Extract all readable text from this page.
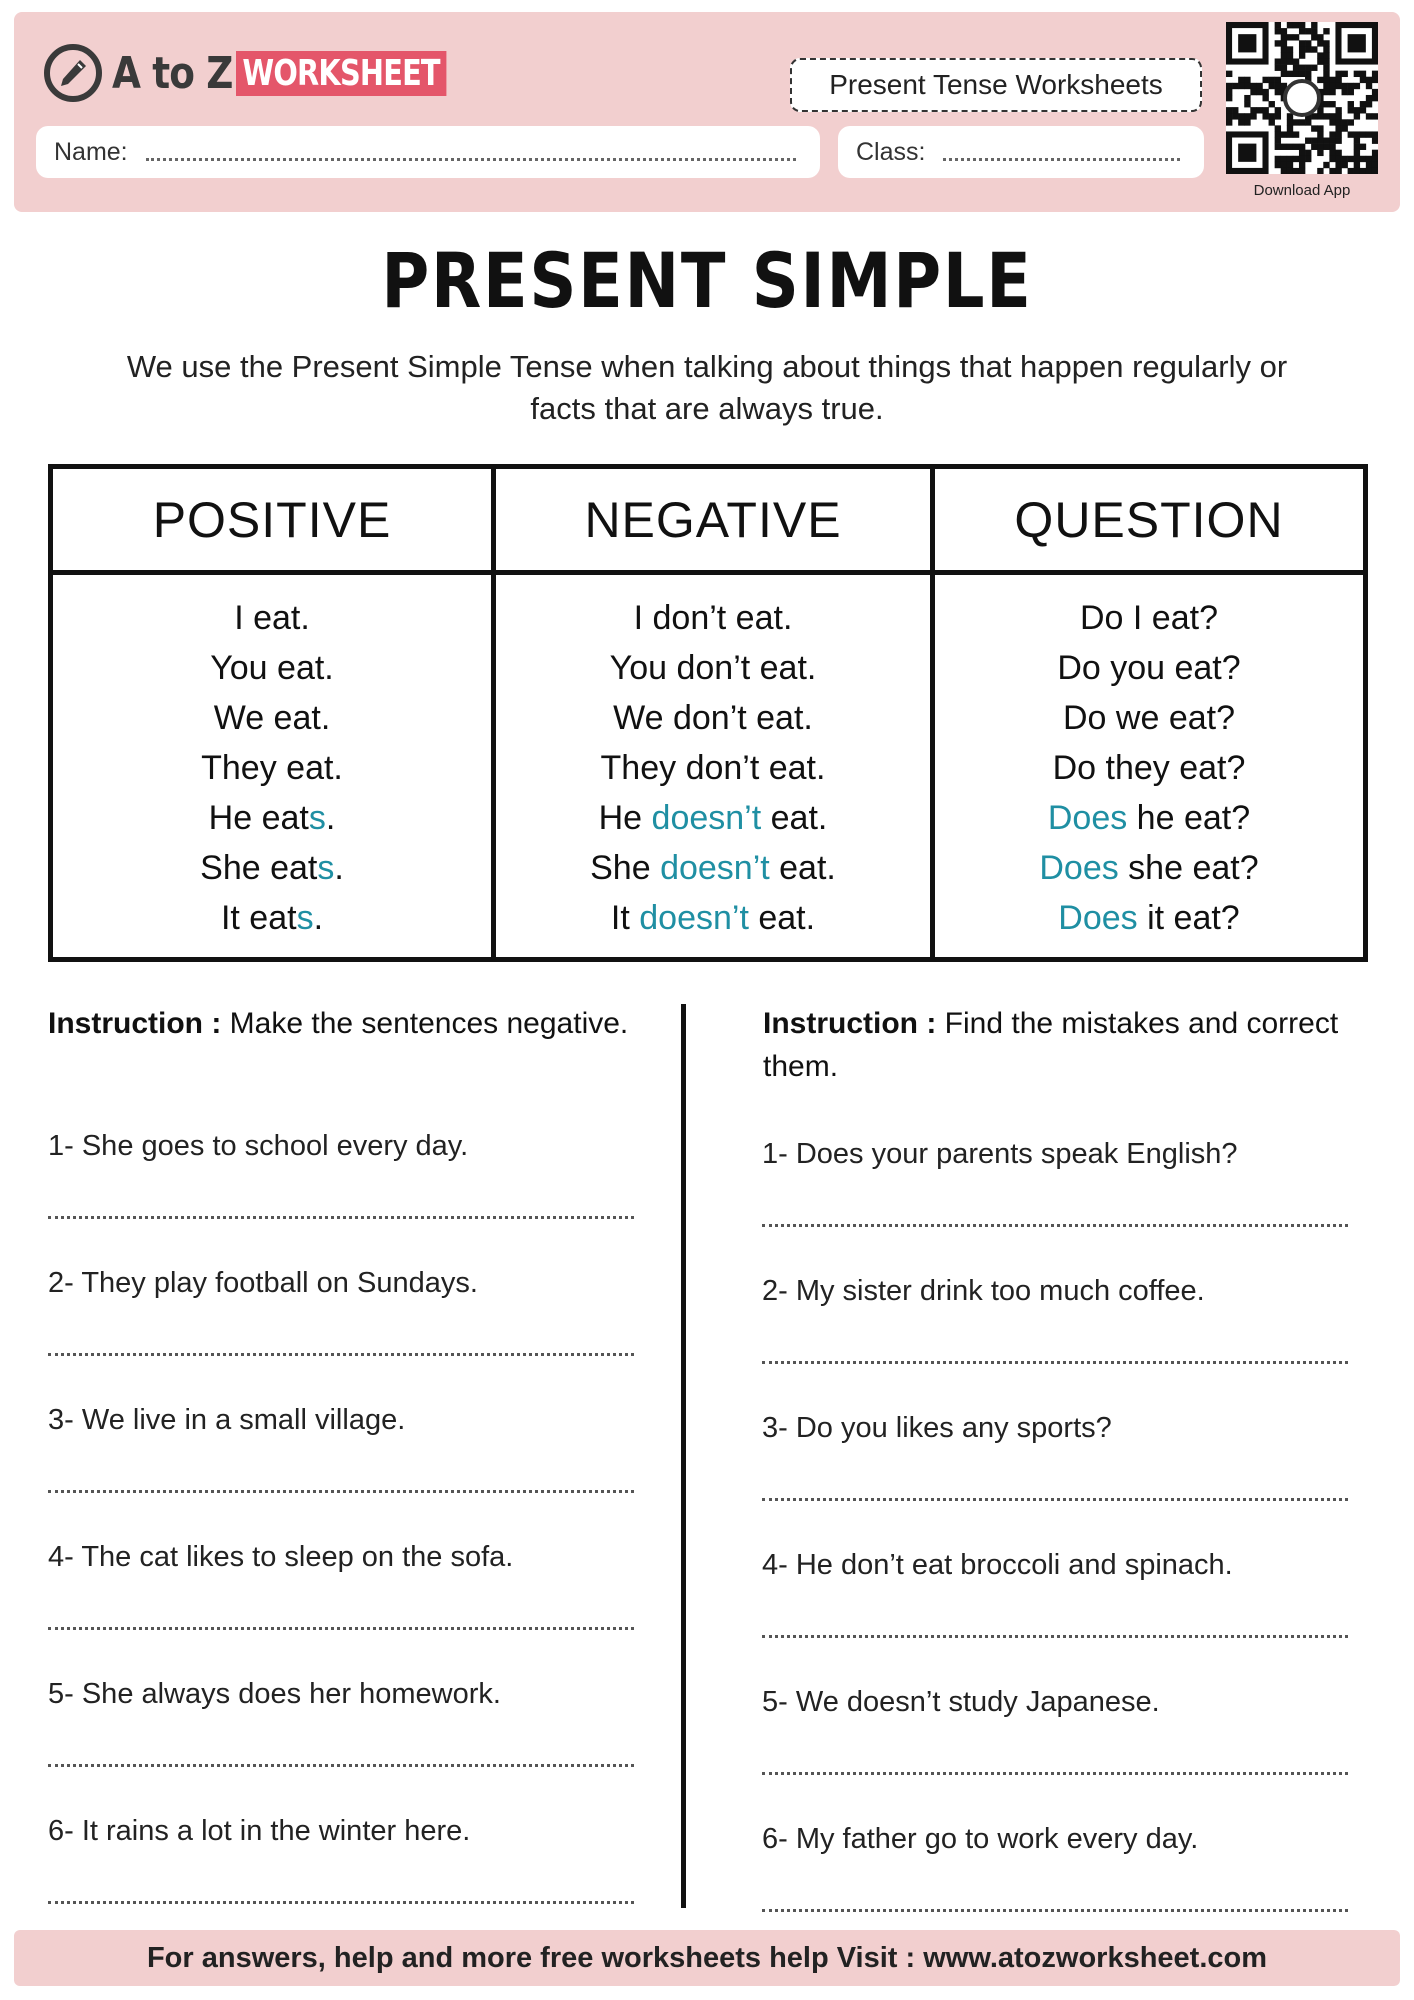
A to Z WORKSHEET	Present Tense Worksheets
Name:	Class:
Download App
PRESENT SIMPLE
We use the Present Simple Tense when talking about things that happen regularly or facts that are always true.
POSITIVE
I eat.
You eat.
We eat.
They eat.
He eats.
She eats.
It eats.
NEGATIVE
I don’t eat.
You don’t eat.
We don’t eat.
They don’t eat.
He doesn’t eat.
She doesn’t eat.
It doesn’t eat.
QUESTION
Do I eat?
Do you eat?
Do we eat?
Do they eat?
Does he eat?
Does she eat?
Does it eat?
Instruction : Make the sentences negative.
1- She goes to school every day.
2- They play football on Sundays.
3- We live in a small village.
4- The cat likes to sleep on the sofa.
5- She always does her homework.
6- It rains a lot in the winter here.
Instruction : Find the mistakes and correct them.
1- Does your parents speak English?
2- My sister drink too much coffee.
3- Do you likes any sports?
4- He don’t eat broccoli and spinach.
5- We doesn’t study Japanese.
6- My father go to work every day.
For answers, help and more free worksheets help Visit : www.atozworksheet.com
